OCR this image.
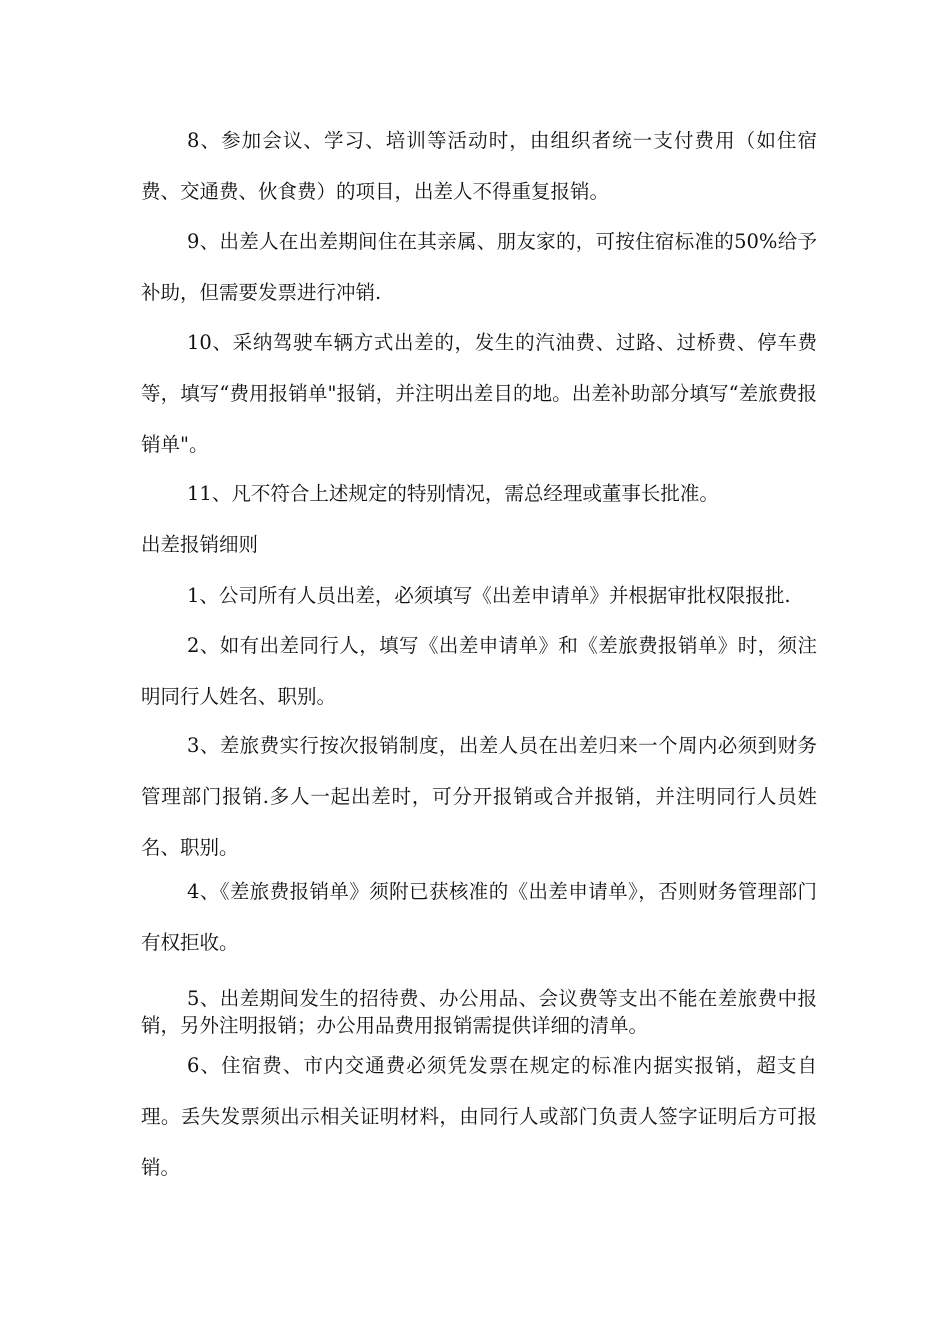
8、参加会议、学习、培训等活动时，由组织者统一支付费用（如住宿费、交通费、伙食费）的项目，出差人不得重复报销。

9、出差人在出差期间住在其亲属、朋友家的，可按住宿标准的50%给予补助，但需要发票进行冲销.

10、采纳驾驶车辆方式出差的，发生的汽油费、过路、过桥费、停车费等，填写“费用报销单"报销，并注明出差目的地。出差补助部分填写“差旅费报销单"。

11、凡不符合上述规定的特别情况，需总经理或董事长批准。

出差报销细则

1、公司所有人员出差，必须填写《出差申请单》并根据审批权限报批.

2、如有出差同行人，填写《出差申请单》和《差旅费报销单》时，须注明同行人姓名、职别。

3、差旅费实行按次报销制度，出差人员在出差归来一个周内必须到财务管理部门报销.多人一起出差时，可分开报销或合并报销，并注明同行人员姓名、职别。

4、《差旅费报销单》须附已获核准的《出差申请单》，否则财务管理部门有权拒收。

5、出差期间发生的招待费、办公用品、会议费等支出不能在差旅费中报销，另外注明报销；办公用品费用报销需提供详细的清单。

6、住宿费、市内交通费必须凭发票在规定的标准内据实报销，超支自理。丢失发票须出示相关证明材料，由同行人或部门负责人签字证明后方可报销。
